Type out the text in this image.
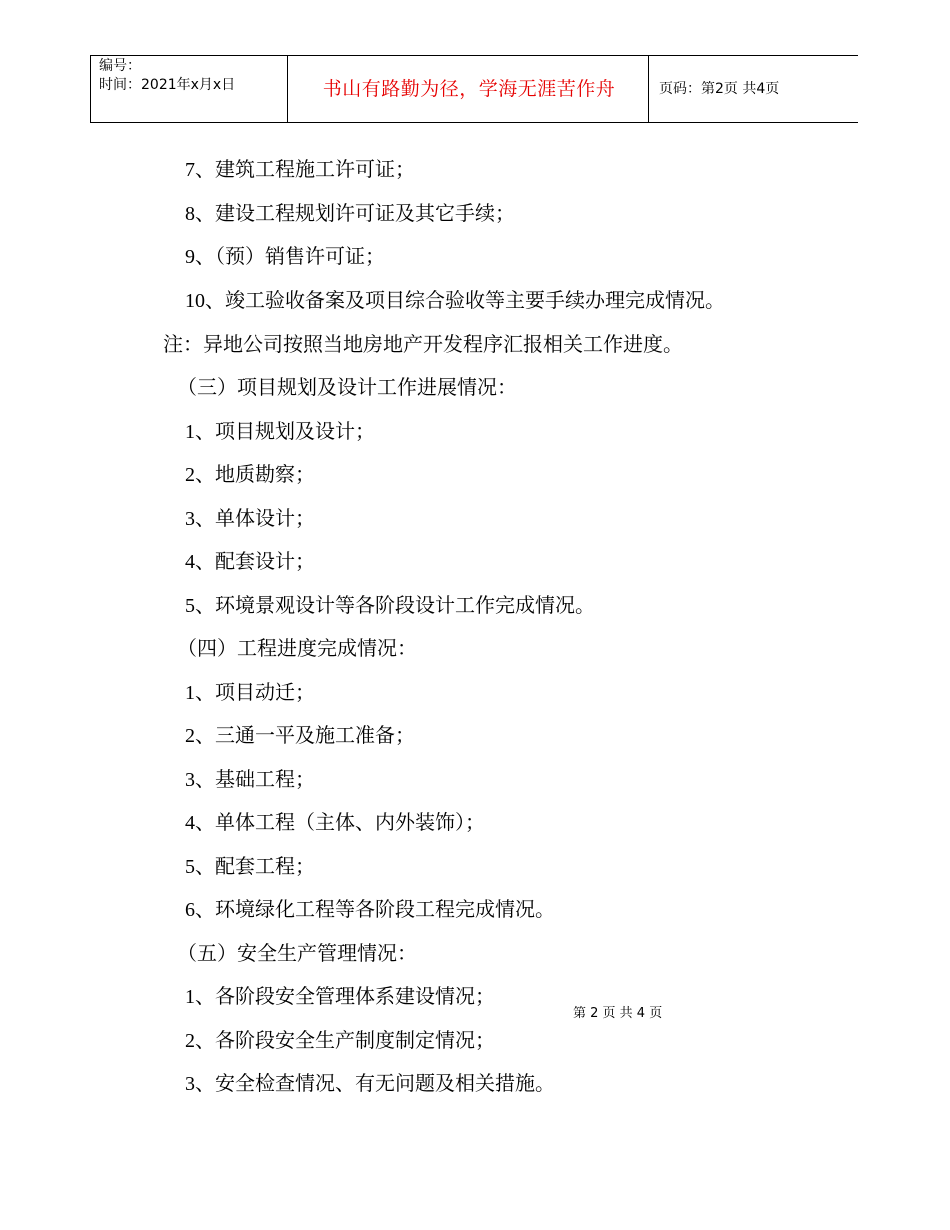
编号：
时间：2021年x月x日	书山有路勤为径，学海无涯苦作舟	页码：第2页 共4页
7、建筑工程施工许可证；
8、建设工程规划许可证及其它手续；
9、（预）销售许可证；
10、竣工验收备案及项目综合验收等主要手续办理完成情况。
注：异地公司按照当地房地产开发程序汇报相关工作进度。
（三）项目规划及设计工作进展情况：
1、项目规划及设计；
2、地质勘察；
3、单体设计；
4、配套设计；
5、环境景观设计等各阶段设计工作完成情况。
（四）工程进度完成情况：
1、项目动迁；
2、三通一平及施工准备；
3、基础工程；
4、单体工程（主体、内外装饰）；
5、配套工程；
6、环境绿化工程等各阶段工程完成情况。
（五）安全生产管理情况：
1、各阶段安全管理体系建设情况；
2、各阶段安全生产制度制定情况；
3、安全检查情况、有无问题及相关措施。
第 2 页 共 4 页
